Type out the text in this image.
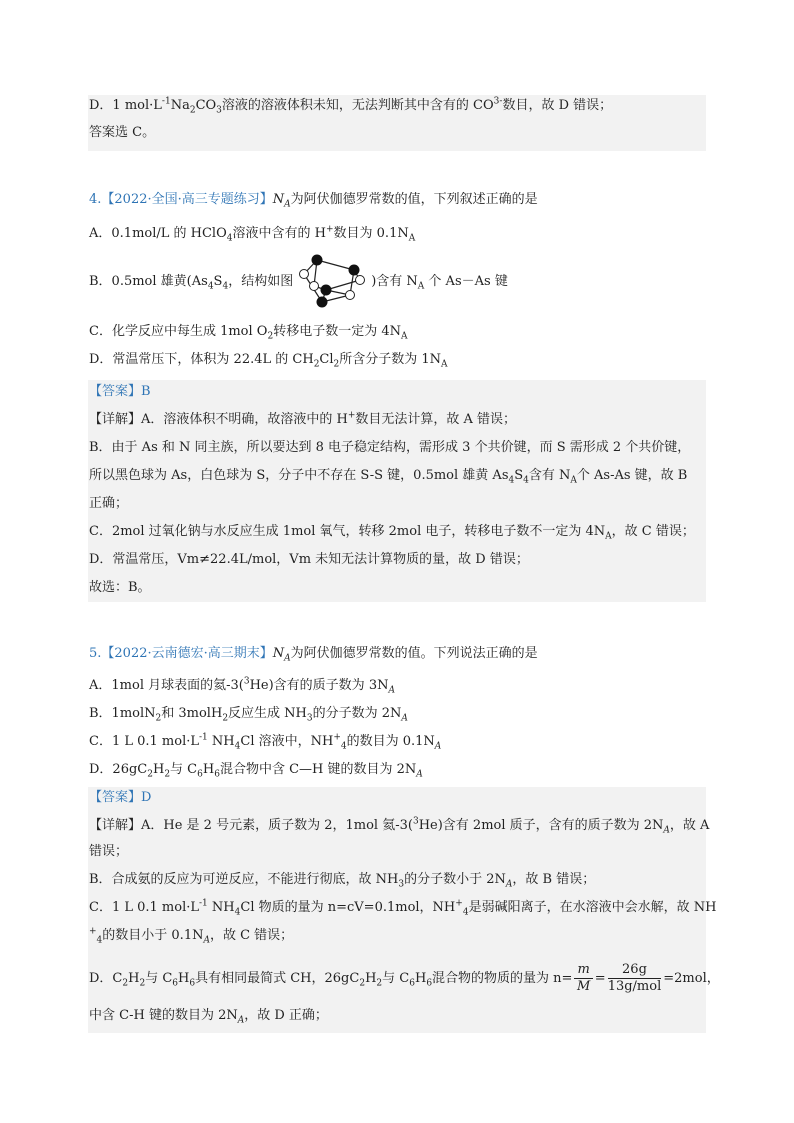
D．1 $mol\cdot L^{-1}Na_2CO_3$溶液的溶液体积未知，无法判断其中含有的 $CO^{3-}$数目，故 D 错误；
答案选 C。
4.【2022·全国·高三专题练习】$N_A$为阿伏伽德罗常数的值，下列叙述正确的是
A．0.1mol/L 的 HClO$_4$溶液中含有的 H+数目为 $0.1N_A$
B．0.5mol 雄黄($As_4S_4$，结构如图	)含有 $N_A$ 个 As－As 键
C．化学反应中每生成 1mol $O_2$转移电子数一定为 $4N_A$
D．常温常压下，体积为 22.4L 的 $CH_2Cl_2$所含分子数为 $1N_A$
【答案】B
【详解】A．溶液体积不明确，故溶液中的 H+数目无法计算，故 A 错误；
B．由于 As 和 N 同主族，所以要达到 8 电子稳定结构，需形成 3 个共价键，而 S 需形成 2 个共价键，
所以黑色球为 As，白色球为 S，分子中不存在 S-S 键，0.5mol 雄黄 $As_4S_4$含有 $N_A$个 As-As 键，故 B
正确；
C．2mol 过氧化钠与水反应生成 1mol 氧气，转移 2mol 电子，转移电子数不一定为 $4N_A$，故 C 错误；
D．常温常压，Vm≠22.4L/mol，Vm 未知无法计算物质的量，故 D 错误；
故选：B。
5.【2022·云南德宏·高三期末】$N_A$为阿伏伽德罗常数的值。下列说法正确的是
A．1mol 月球表面的氦-3($^3$He)含有的质子数为 $3N_A$
B．1molN$_2$和 3molH$_2$反应生成 $NH_3$的分子数为 $2N_A$
C．1 L 0.1 $mol\cdot L^{-1}$ $NH_4Cl$ 溶液中，$NH^+_4$的数目为 $0.1N_A$
D．$26gC_2H_2$与 $C_6H_6$混合物中含 C—H 键的数目为 $2N_A$
【答案】D
【详解】A．He 是 2 号元素，质子数为 2，1mol 氦-3($^3$He)含有 2mol 质子，含有的质子数为 $2N_A$，故 A
错误；
B．合成氨的反应为可逆反应，不能进行彻底，故 $NH_3$的分子数小于 $2N_A$，故 B 错误；
C．1 L 0.1 $mol\cdot L^{-1}$ $NH_4Cl$ 物质的量为 n=cV=0.1mol，$NH^+_4$是弱碱阳离子，在水溶液中会水解，故 NH
+$_4$的数目小于 $0.1N_A$，故 C 错误；
D．$C_2H_2$与 $C_6H_6$具有相同最简式 CH，$26gC_2H_2$与 $C_6H_6$混合物的物质的量为 $n= \frac{m}{M} = \frac{26g}{\text{13g/mol}} =2mol$，
中含 C-H 键的数目为 $2N_A$，故 D 正确；
